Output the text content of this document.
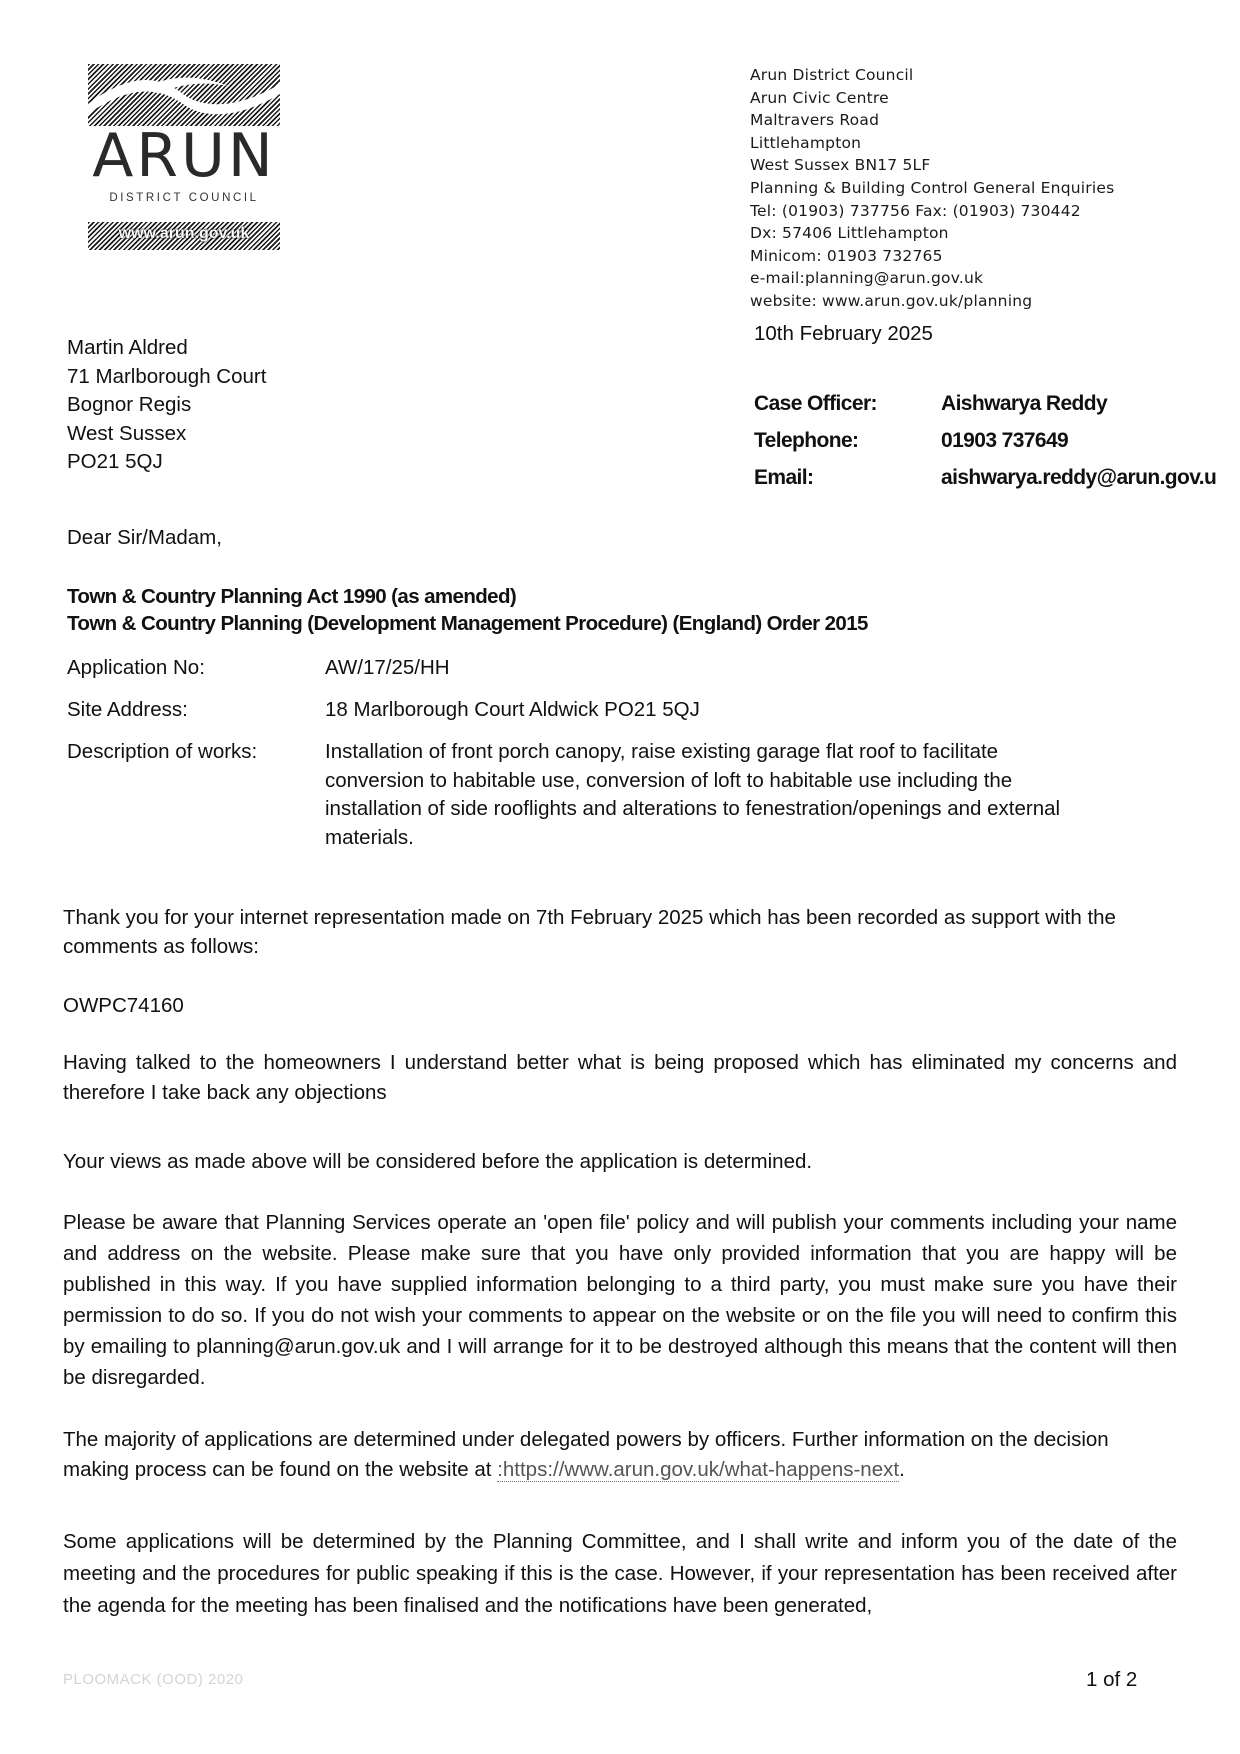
ARUN
DISTRICT COUNCIL
www.arun.gov.uk
Arun District Council
Arun Civic Centre
Maltravers Road
Littlehampton
West Sussex BN17 5LF
Planning & Building Control General Enquiries
Tel: (01903) 737756 Fax: (01903) 730442
Dx: 57406 Littlehampton
Minicom: 01903 732765
e-mail:planning@arun.gov.uk
website: www.arun.gov.uk/planning
10th February 2025
Martin Aldred
71 Marlborough Court
Bognor Regis
West Sussex
PO21 5QJ
Case Officer:	Aishwarya Reddy
Telephone:	01903 737649
Email:	aishwarya.reddy@arun.gov.u
Dear Sir/Madam,
Town & Country Planning Act 1990 (as amended)
Town & Country Planning (Development Management Procedure) (England) Order 2015
Application No:	AW/17/25/HH
Site Address:	18 Marlborough Court Aldwick PO21 5QJ
Description of works:	Installation of front porch canopy, raise existing garage flat roof to facilitate
conversion to habitable use, conversion of loft to habitable use including the
installation of side rooflights and alterations to fenestration/openings and external
materials.
Thank you for your internet representation made on 7th February 2025 which has been recorded as support with the comments as follows:
OWPC74160
Having talked to the homeowners I understand better what is being proposed which has eliminated my concerns and therefore I take back any objections
Your views as made above will be considered before the application is determined.
Please be aware that Planning Services operate an 'open file' policy and will publish your comments including your name and address on the website. Please make sure that you have only provided information that you are happy will be published in this way. If you have supplied information belonging to a third party, you must make sure you have their permission to do so. If you do not wish your comments to appear on the website or on the file you will need to confirm this by emailing to planning@arun.gov.uk and I will arrange for it to be destroyed although this means that the content will then be disregarded.
The majority of applications are determined under delegated powers by officers. Further information on the decision making process can be found on the website at :https://www.arun.gov.uk/what-happens-next.
Some applications will be determined by the Planning Committee, and I shall write and inform you of the date of the meeting and the procedures for public speaking if this is the case. However, if your representation has been received after the agenda for the meeting has been finalised and the notifications have been generated,
PLOOMACK (OOD) 2020	1 of 2
